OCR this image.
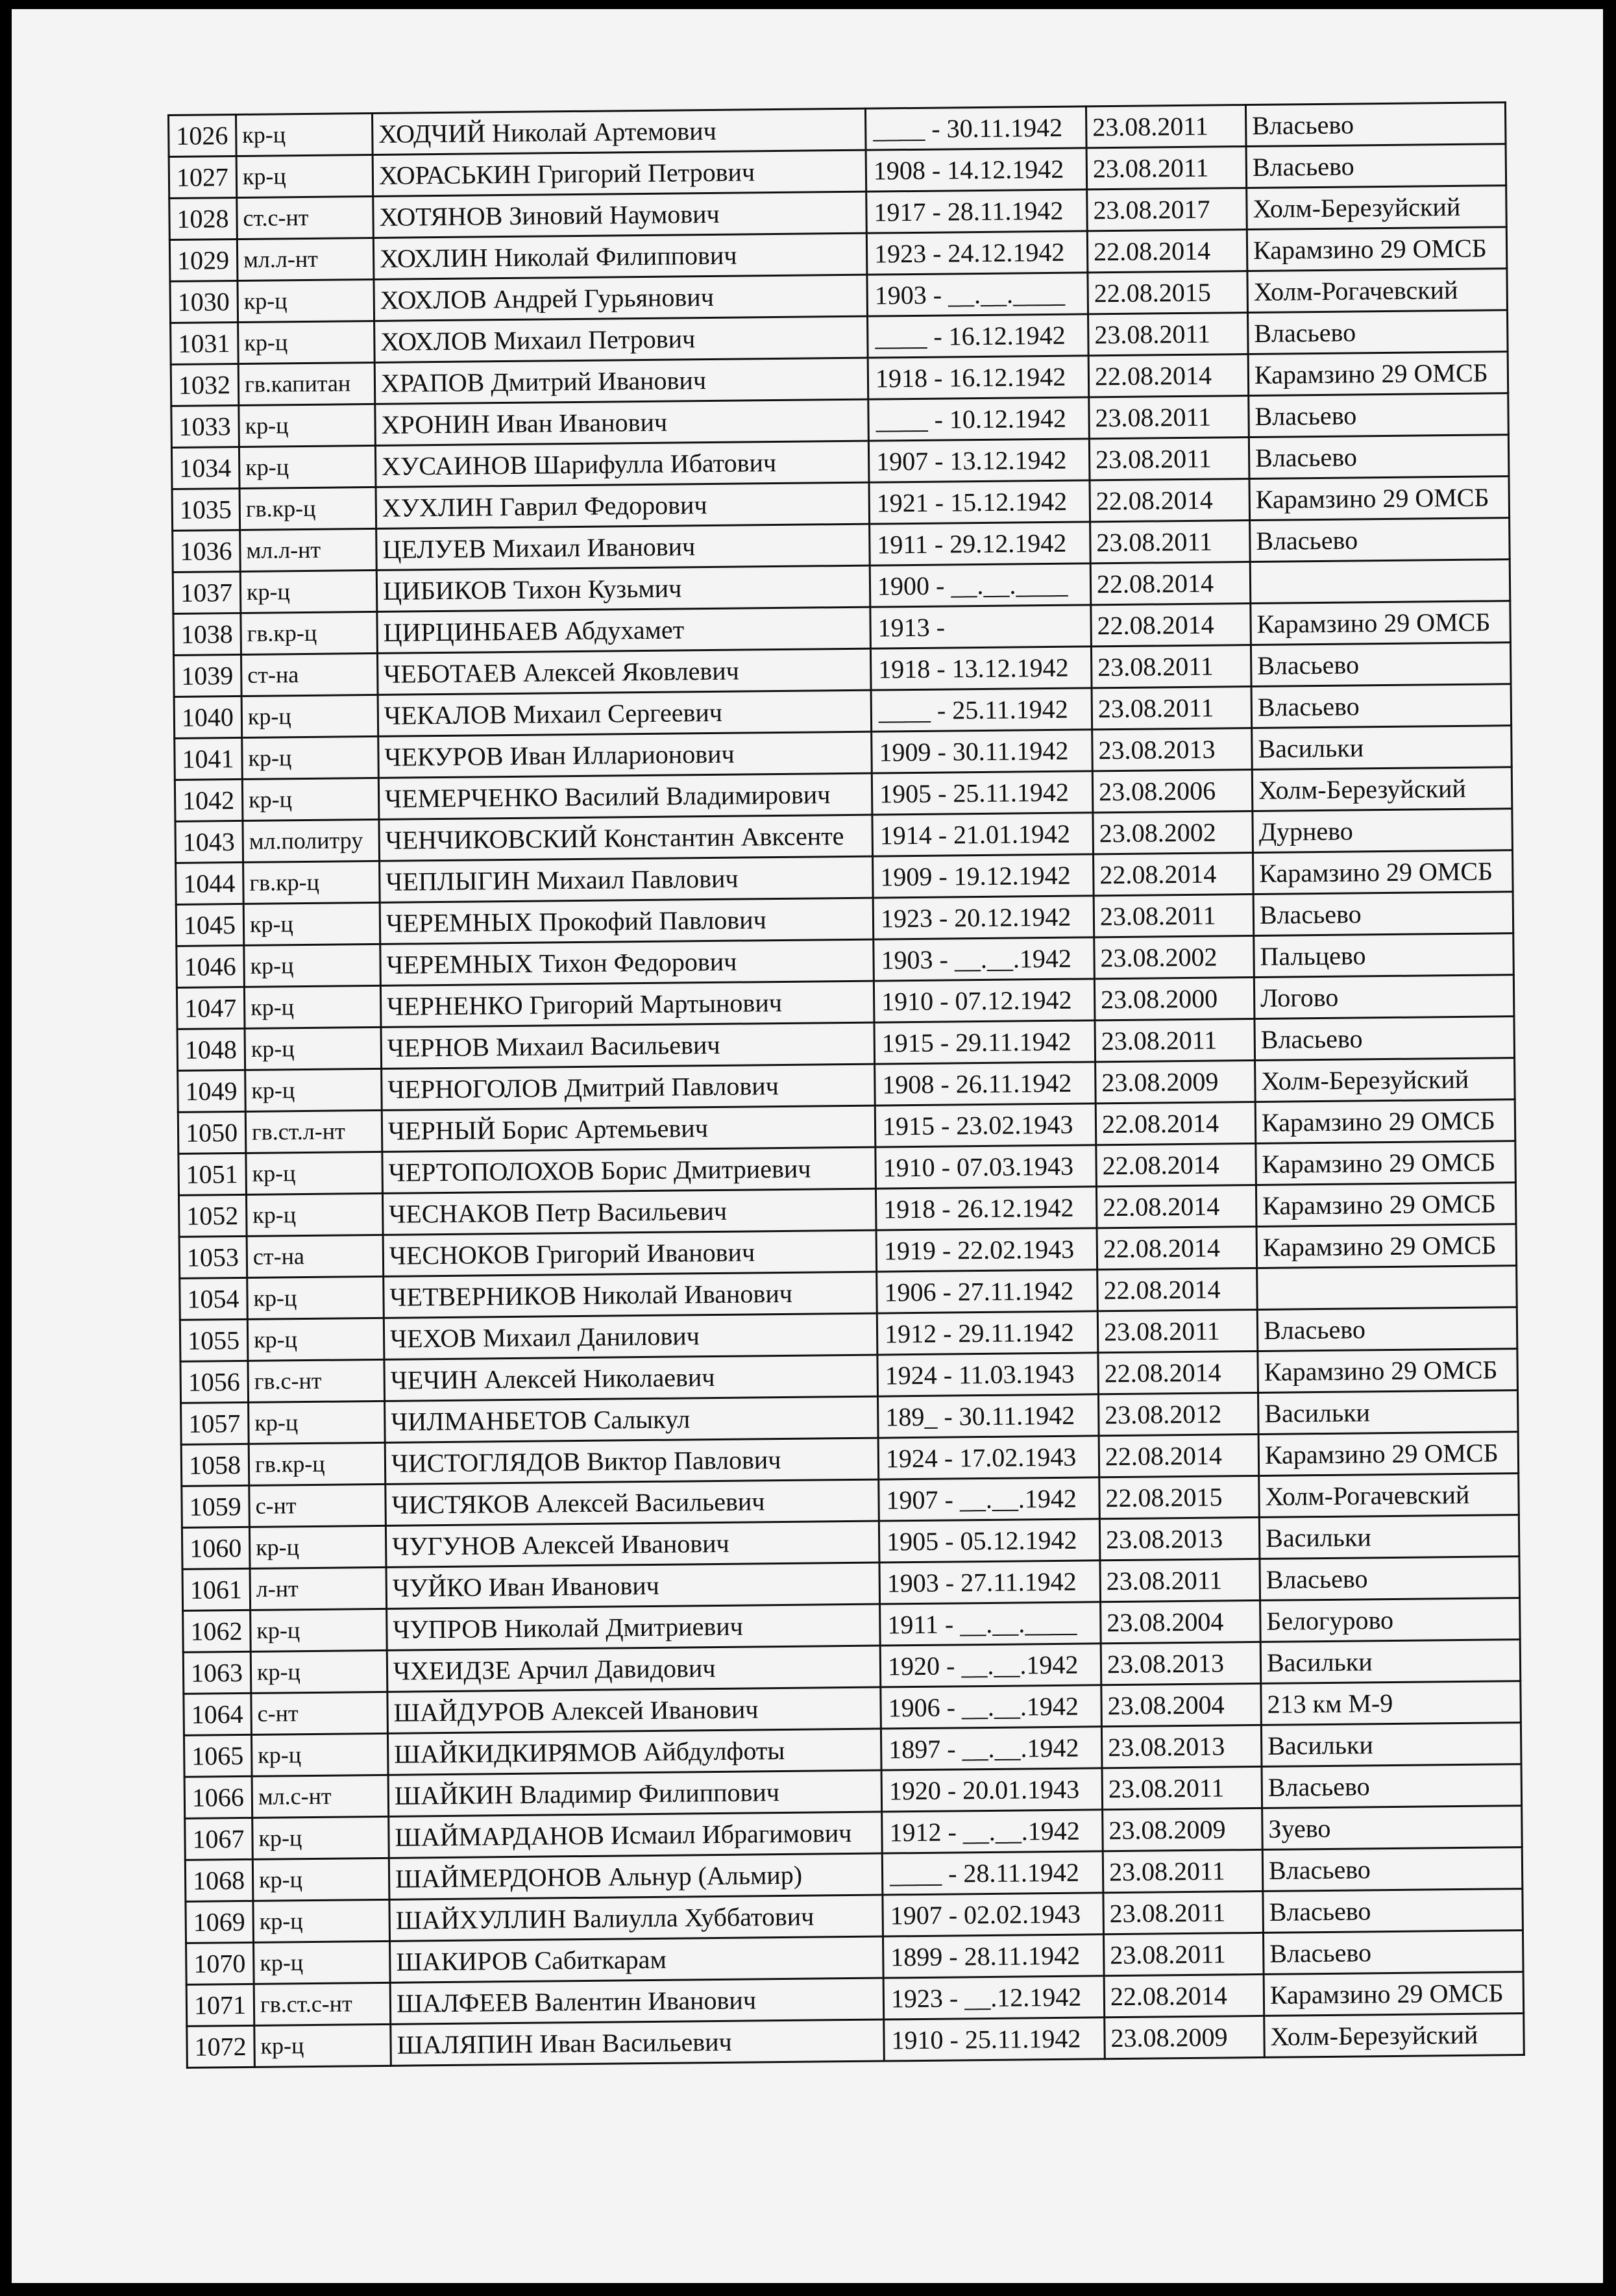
1026	кр-ц	ХОДЧИЙ Николай Артемович	____ - 30.11.1942	23.08.2011	Власьево
1027	кр-ц	ХОРАСЬКИН Григорий Петрович	1908 - 14.12.1942	23.08.2011	Власьево
1028	ст.с-нт	ХОТЯНОВ Зиновий Наумович	1917 - 28.11.1942	23.08.2017	Холм-Березуйский
1029	мл.л-нт	ХОХЛИН Николай Филиппович	1923 - 24.12.1942	22.08.2014	Карамзино 29 ОМСБ
1030	кр-ц	ХОХЛОВ Андрей Гурьянович	1903 - __.__.____	22.08.2015	Холм-Рогачевский
1031	кр-ц	ХОХЛОВ Михаил Петрович	____ - 16.12.1942	23.08.2011	Власьево
1032	гв.капитан	ХРАПОВ Дмитрий Иванович	1918 - 16.12.1942	22.08.2014	Карамзино 29 ОМСБ
1033	кр-ц	ХРОНИН Иван Иванович	____ - 10.12.1942	23.08.2011	Власьево
1034	кр-ц	ХУСАИНОВ Шарифулла Ибатович	1907 - 13.12.1942	23.08.2011	Власьево
1035	гв.кр-ц	ХУХЛИН Гаврил Федорович	1921 - 15.12.1942	22.08.2014	Карамзино 29 ОМСБ
1036	мл.л-нт	ЦЕЛУЕВ Михаил Иванович	1911 - 29.12.1942	23.08.2011	Власьево
1037	кр-ц	ЦИБИКОВ Тихон Кузьмич	1900 - __.__.____	22.08.2014	
1038	гв.кр-ц	ЦИРЦИНБАЕВ Абдухамет	1913 -	22.08.2014	Карамзино 29 ОМСБ
1039	ст-на	ЧЕБОТАЕВ Алексей Яковлевич	1918 - 13.12.1942	23.08.2011	Власьево
1040	кр-ц	ЧЕКАЛОВ Михаил Сергеевич	____ - 25.11.1942	23.08.2011	Власьево
1041	кр-ц	ЧЕКУРОВ Иван Илларионович	1909 - 30.11.1942	23.08.2013	Васильки
1042	кр-ц	ЧЕМЕРЧЕНКО Василий Владимирович	1905 - 25.11.1942	23.08.2006	Холм-Березуйский
1043	мл.политру	ЧЕНЧИКОВСКИЙ Константин Авксенте	1914 - 21.01.1942	23.08.2002	Дурнево
1044	гв.кр-ц	ЧЕПЛЫГИН Михаил Павлович	1909 - 19.12.1942	22.08.2014	Карамзино 29 ОМСБ
1045	кр-ц	ЧЕРЕМНЫХ Прокофий Павлович	1923 - 20.12.1942	23.08.2011	Власьево
1046	кр-ц	ЧЕРЕМНЫХ Тихон Федорович	1903 - __.__.1942	23.08.2002	Пальцево
1047	кр-ц	ЧЕРНЕНКО Григорий Мартынович	1910 - 07.12.1942	23.08.2000	Логово
1048	кр-ц	ЧЕРНОВ Михаил Васильевич	1915 - 29.11.1942	23.08.2011	Власьево
1049	кр-ц	ЧЕРНОГОЛОВ Дмитрий Павлович	1908 - 26.11.1942	23.08.2009	Холм-Березуйский
1050	гв.ст.л-нт	ЧЕРНЫЙ Борис Артемьевич	1915 - 23.02.1943	22.08.2014	Карамзино 29 ОМСБ
1051	кр-ц	ЧЕРТОПОЛОХОВ Борис Дмитриевич	1910 - 07.03.1943	22.08.2014	Карамзино 29 ОМСБ
1052	кр-ц	ЧЕСНАКОВ Петр Васильевич	1918 - 26.12.1942	22.08.2014	Карамзино 29 ОМСБ
1053	ст-на	ЧЕСНОКОВ Григорий Иванович	1919 - 22.02.1943	22.08.2014	Карамзино 29 ОМСБ
1054	кр-ц	ЧЕТВЕРНИКОВ Николай Иванович	1906 - 27.11.1942	22.08.2014	
1055	кр-ц	ЧЕХОВ Михаил Данилович	1912 - 29.11.1942	23.08.2011	Власьево
1056	гв.с-нт	ЧЕЧИН Алексей Николаевич	1924 - 11.03.1943	22.08.2014	Карамзино 29 ОМСБ
1057	кр-ц	ЧИЛМАНБЕТОВ Салыкул	189_ - 30.11.1942	23.08.2012	Васильки
1058	гв.кр-ц	ЧИСТОГЛЯДОВ Виктор Павлович	1924 - 17.02.1943	22.08.2014	Карамзино 29 ОМСБ
1059	с-нт	ЧИСТЯКОВ Алексей Васильевич	1907 - __.__.1942	22.08.2015	Холм-Рогачевский
1060	кр-ц	ЧУГУНОВ Алексей Иванович	1905 - 05.12.1942	23.08.2013	Васильки
1061	л-нт	ЧУЙКО Иван Иванович	1903 - 27.11.1942	23.08.2011	Власьево
1062	кр-ц	ЧУПРОВ Николай Дмитриевич	1911 - __.__.____	23.08.2004	Белогурово
1063	кр-ц	ЧХЕИДЗЕ Арчил Давидович	1920 - __.__.1942	23.08.2013	Васильки
1064	с-нт	ШАЙДУРОВ Алексей Иванович	1906 - __.__.1942	23.08.2004	213 км М-9
1065	кр-ц	ШАЙКИДКИРЯМОВ Айбдулфоты	1897 - __.__.1942	23.08.2013	Васильки
1066	мл.с-нт	ШАЙКИН Владимир Филиппович	1920 - 20.01.1943	23.08.2011	Власьево
1067	кр-ц	ШАЙМАРДАНОВ Исмаил Ибрагимович	1912 - __.__.1942	23.08.2009	Зуево
1068	кр-ц	ШАЙМЕРДОНОВ Альнур (Альмир)	____ - 28.11.1942	23.08.2011	Власьево
1069	кр-ц	ШАЙХУЛЛИН Валиулла Хуббатович	1907 - 02.02.1943	23.08.2011	Власьево
1070	кр-ц	ШАКИРОВ Сабиткарам	1899 - 28.11.1942	23.08.2011	Власьево
1071	гв.ст.с-нт	ШАЛФЕЕВ Валентин Иванович	1923 - __.12.1942	22.08.2014	Карамзино 29 ОМСБ
1072	кр-ц	ШАЛЯПИН Иван Васильевич	1910 - 25.11.1942	23.08.2009	Холм-Березуйский
